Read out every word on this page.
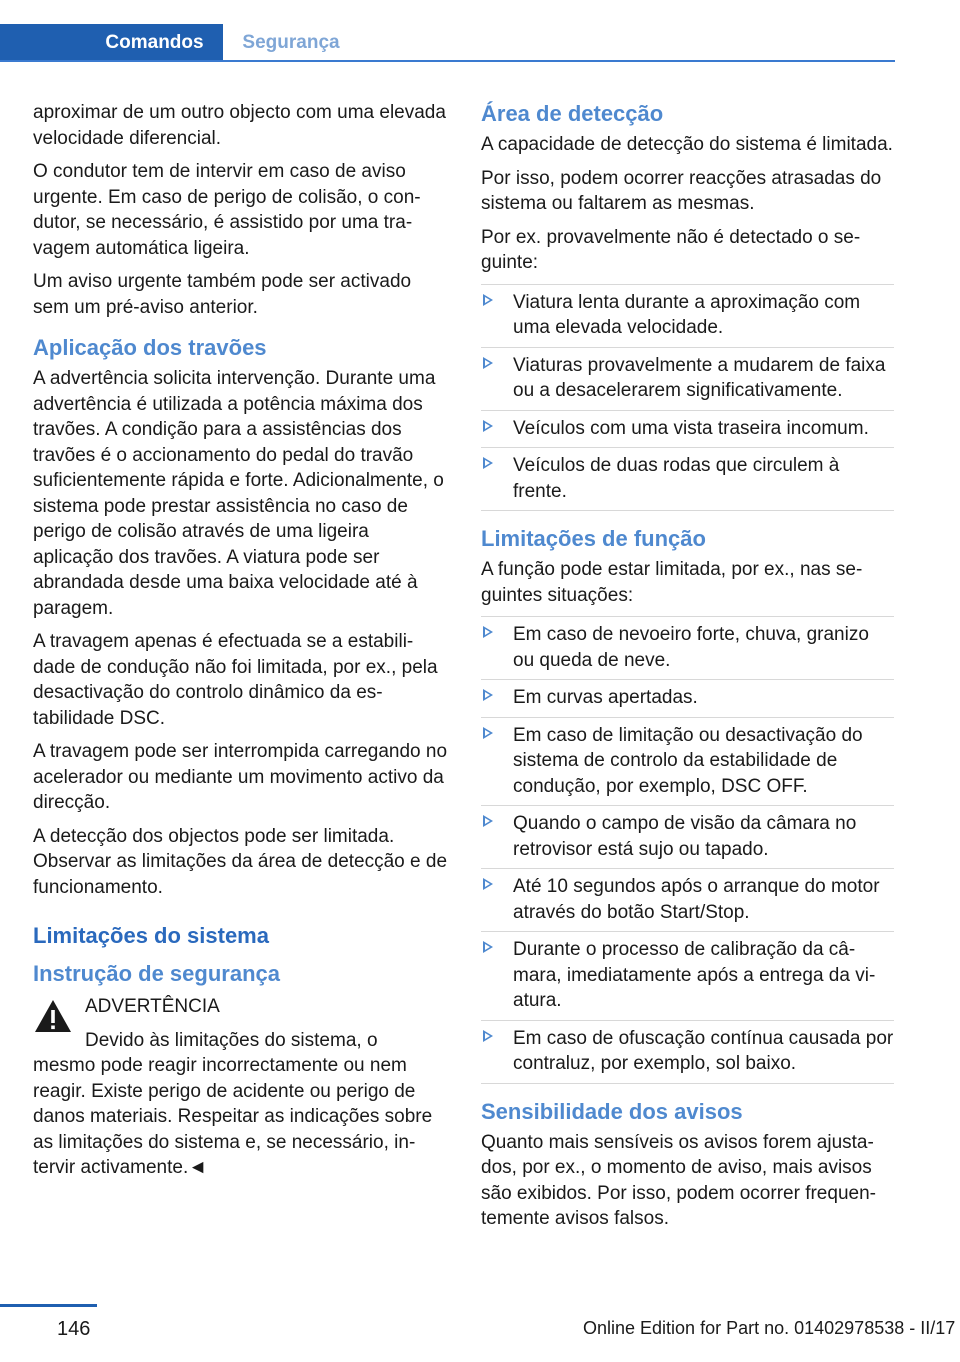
Comandos	Segurança

aproximar de um outro objecto com uma elevada velocidade diferencial.

O condutor tem de intervir em caso de aviso urgente. Em caso de perigo de colisão, o condutor, se necessário, é assistido por uma travagem automática ligeira.

Um aviso urgente também pode ser activado sem um pré-aviso anterior.

Aplicação dos travões

A advertência solicita intervenção. Durante uma advertência é utilizada a potência máxima dos travões. A condição para a assistências dos travões é o accionamento do pedal do travão suficientemente rápida e forte. Adicionalmente, o sistema pode prestar assistência no caso de perigo de colisão através de uma ligeira aplicação dos travões. A viatura pode ser abrandada desde uma baixa velocidade até à paragem.

A travagem apenas é efectuada se a estabilidade de condução não foi limitada, por ex., pela desactivação do controlo dinâmico da estabilidade DSC.

A travagem pode ser interrompida carregando no acelerador ou mediante um movimento activo da direcção.

A detecção dos objectos pode ser limitada. Observar as limitações da área de detecção e de funcionamento.

Limitações do sistema
Instrução de segurança

ADVERTÊNCIA

Devido às limitações do sistema, o

mesmo pode reagir incorrectamente ou nem reagir. Existe perigo de acidente ou perigo de danos materiais. Respeitar as indicações sobre as limitações do sistema e, se necessário, intervir activamente.◄

Área de detecção

A capacidade de detecção do sistema é limitada.

Por isso, podem ocorrer reacções atrasadas do sistema ou faltarem as mesmas.

Por ex. provavelmente não é detectado o seguinte:

Viatura lenta durante a aproximação com uma elevada velocidade.
Viaturas provavelmente a mudarem de faixa ou a desacelerarem significativamente.
Veículos com uma vista traseira incomum.
Veículos de duas rodas que circulem à frente.
Limitações de função

A função pode estar limitada, por ex., nas seguintes situações:

Em caso de nevoeiro forte, chuva, granizo ou queda de neve.
Em curvas apertadas.
Em caso de limitação ou desactivação do sistema de controlo da estabilidade de condução, por exemplo, DSC OFF.
Quando o campo de visão da câmara no retrovisor está sujo ou tapado.
Até 10 segundos após o arranque do motor através do botão Start/Stop.
Durante o processo de calibração da câmara, imediatamente após a entrega da viatura.
Em caso de ofuscação contínua causada por contraluz, por exemplo, sol baixo.
Sensibilidade dos avisos

Quanto mais sensíveis os avisos forem ajustados, por ex., o momento de aviso, mais avisos são exibidos. Por isso, podem ocorrer frequentemente avisos falsos.

146	Online Edition for Part no. 01402978538 - II/17
